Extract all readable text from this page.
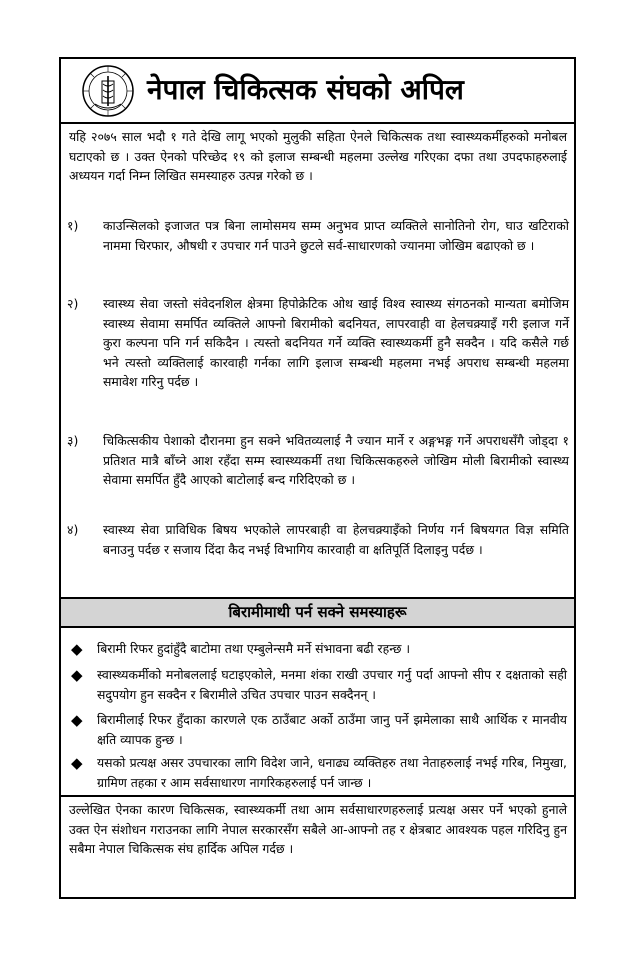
नेपाल चिकित्सक संघको अपिल
यहि २०७५ साल भदौ १ गते देखि लागू भएको मुलुकी सहिता ऐनले चिकित्सक तथा स्वास्थ्यकर्मीहरुको मनोबल घटाएको छ । उक्त ऐनको परिच्छेद १९ को इलाज सम्बन्धी महलमा उल्लेख गरिएका दफा तथा उपदफाहरुलाई अध्ययन गर्दा निम्न लिखित समस्याहरु उत्पन्न गरेको छ ।
१)	काउन्सिलको इजाजत पत्र बिना लामोसमय सम्म अनुभव प्राप्त व्यक्तिले सानोतिनो रोग, घाउ खटिराको नाममा चिरफार, औषधी र उपचार गर्न पाउने छुटले सर्व-साधारणको ज्यानमा जोखिम बढाएको छ ।
२)	स्वास्थ्य सेवा जस्तो संवेदनशिल क्षेत्रमा हिपोक्रेटिक ओथ खाई विश्व स्वास्थ्य संगठनको मान्यता बमोजिम स्वास्थ्य सेवामा समर्पित व्यक्तिले आफ्नो बिरामीको बदनियत, लापरवाही वा हेलचक्र्याइँ गरी इलाज गर्ने कुरा कल्पना पनि गर्न सकिदैन । त्यस्तो बदनियत गर्ने व्यक्ति स्वास्थ्यकर्मी हुनै सक्दैन । यदि कसैले गर्छ भने त्यस्तो व्यक्तिलाई कारवाही गर्नका लागि इलाज सम्बन्धी महलमा नभई अपराध सम्बन्धी महलमा समावेश गरिनु पर्दछ ।
३)	चिकित्सकीय पेशाको दौरानमा हुन सक्ने भवितव्यलाई नै ज्यान मार्ने र अङ्गभङ्ग गर्ने अपराधसँगै जोड्दा १ प्रतिशत मात्रै बाँच्ने आश रहँदा सम्म स्वास्थ्यकर्मी तथा चिकित्सकहरुले जोखिम मोली बिरामीको स्वास्थ्य सेवामा समर्पित हुँदै आएको बाटोलाई बन्द गरिदिएको छ ।
४)	स्वास्थ्य सेवा प्राविधिक बिषय भएकोले लापरबाही वा हेलचक्र्याइँको निर्णय गर्न बिषयगत विज्ञ समिति बनाउनु पर्दछ र सजाय दिंदा कैद नभई विभागिय कारवाही वा क्षतिपूर्ति दिलाइनु पर्दछ ।
बिरामीमाथी पर्न सक्ने समस्याहरू
◆ बिरामी रिफर हुदांहुँदै बाटोमा तथा एम्बुलेन्समै मर्ने संभावना बढी रहन्छ ।
◆ स्वास्थ्यकर्मीको मनोबललाई घटाइएकोले, मनमा शंका राखी उपचार गर्नु पर्दा आफ्नो सीप र दक्षताको सही सदुपयोग हुन सक्दैन र बिरामीले उचित उपचार पाउन सक्दैनन् ।
◆ बिरामीलाई रिफर हुँदाका कारणले एक ठाउँबाट अर्को ठाउँमा जानु पर्ने झमेलाका साथै आर्थिक र मानवीय क्षति व्यापक हुन्छ ।
◆ यसको प्रत्यक्ष असर उपचारका लागि विदेश जाने, धनाढ्य व्यक्तिहरु तथा नेताहरुलाई नभई गरिब, निमुखा, ग्रामिण तहका र आम सर्वसाधारण नागरिकहरुलाई पर्न जान्छ ।
उल्लेखित ऐनका कारण चिकित्सक, स्वास्थ्यकर्मी तथा आम सर्वसाधारणहरुलाई प्रत्यक्ष असर पर्ने भएको हुनाले उक्त ऐन संशोधन गराउनका लागि नेपाल सरकारसँग सबैले आ-आफ्नो तह र क्षेत्रबाट आवश्यक पहल गरिदिनु हुन सबैमा नेपाल चिकित्सक संघ हार्दिक अपिल गर्दछ ।
